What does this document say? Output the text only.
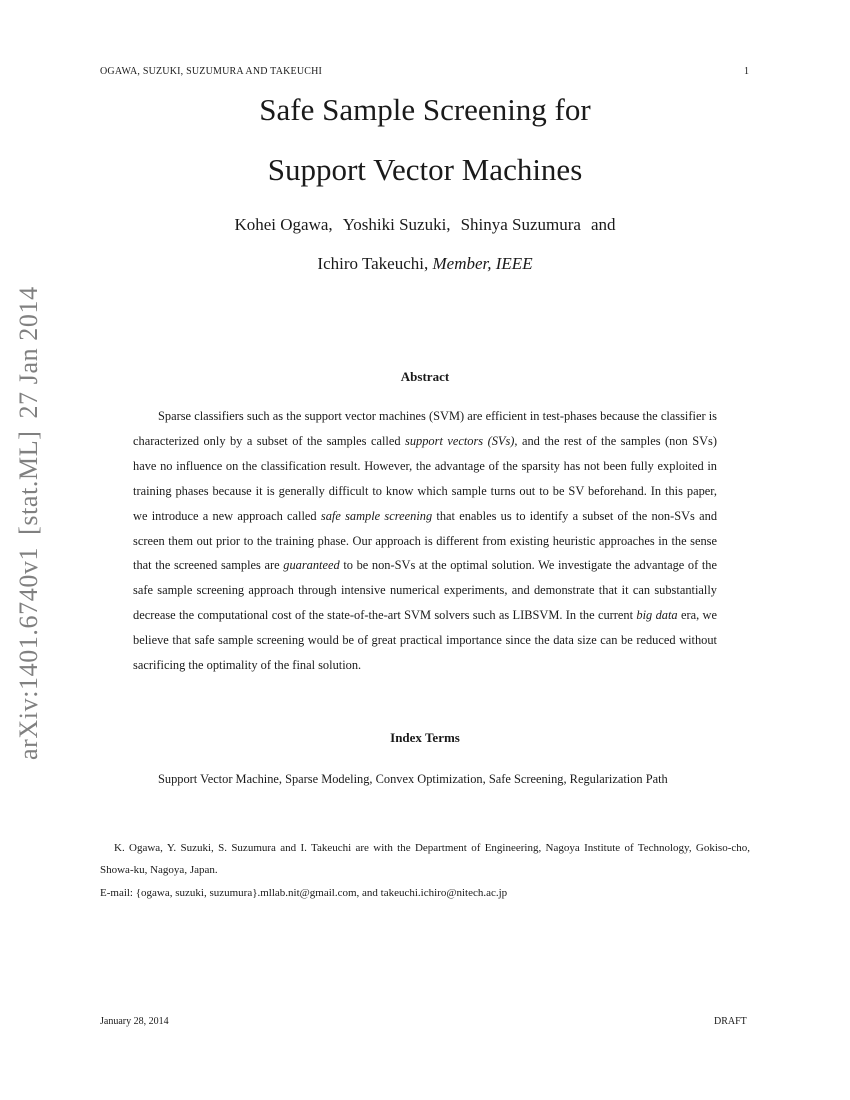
OGAWA, SUZUKI, SUZUMURA AND TAKEUCHI	1
arXiv:1401.6740v1[stat.ML]27 Jan 2014
Safe Sample Screening for
Support Vector Machines
Kohei Ogawa, Yoshiki Suzuki, Shinya Suzumura and
Ichiro Takeuchi, Member, IEEE
Abstract
Sparse classifiers such as the support vector machines (SVM) are efficient in test-phases because the classifier is characterized only by a subset of the samples called support vectors (SVs), and the rest of the samples (non SVs) have no influence on the classification result. However, the advantage of the sparsity has not been fully exploited in training phases because it is generally difficult to know which sample turns out to be SV beforehand. In this paper, we introduce a new approach called safe sample screening that enables us to identify a subset of the non-SVs and screen them out prior to the training phase. Our approach is different from existing heuristic approaches in the sense that the screened samples are guaranteed to be non-SVs at the optimal solution. We investigate the advantage of the safe sample screening approach through intensive numerical experiments, and demonstrate that it can substantially decrease the computational cost of the state-of-the-art SVM solvers such as LIBSVM. In the current big data era, we believe that safe sample screening would be of great practical importance since the data size can be reduced without sacrificing the optimality of the final solution.
Index Terms
Support Vector Machine, Sparse Modeling, Convex Optimization, Safe Screening, Regularization Path

K. Ogawa, Y. Suzuki, S. Suzumura and I. Takeuchi are with the Department of Engineering, Nagoya Institute of Technology, Gokiso-cho, Showa-ku, Nagoya, Japan.

E-mail: {ogawa, suzuki, suzumura}.mllab.nit@gmail.com, and takeuchi.ichiro@nitech.ac.jp

January 28, 2014	DRAFT
